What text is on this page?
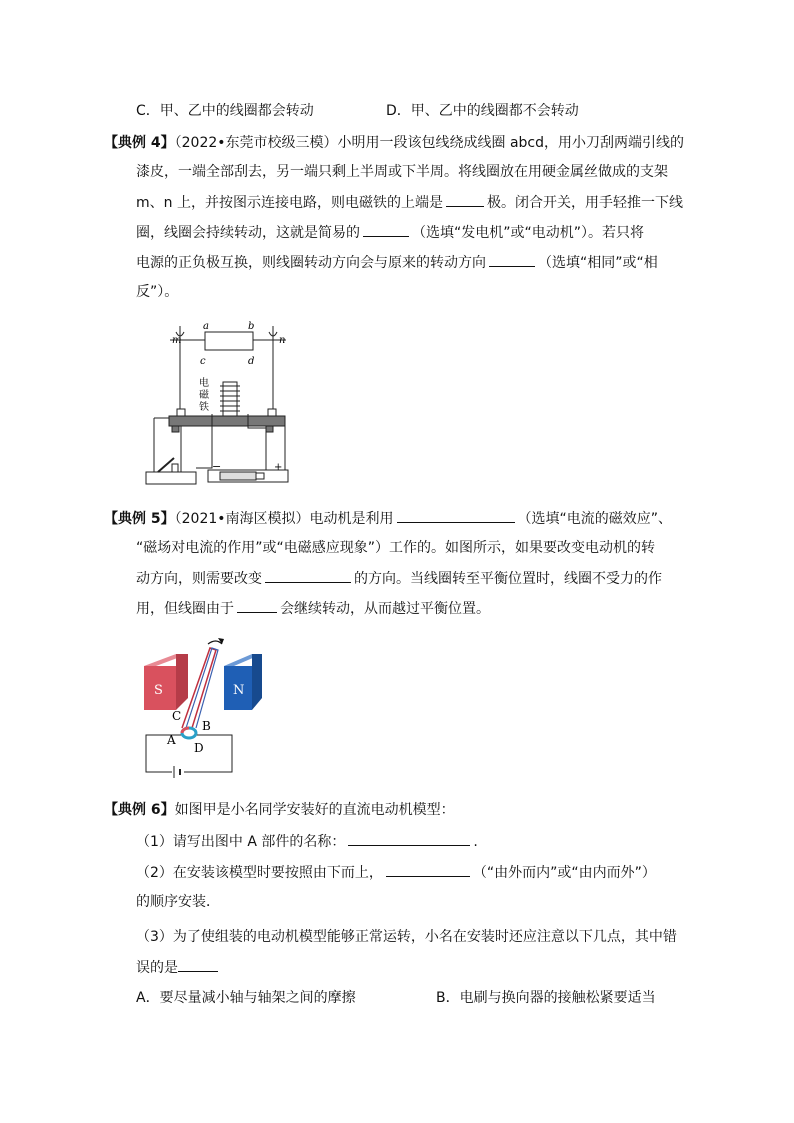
C．甲、乙中的线圈都会转动	D．甲、乙中的线圈都不会转动
【典例 4】（2022•东莞市校级三模）小明用一段该包线绕成线圈 abcd，用小刀刮两端引线的
漆皮，一端全部刮去，另一端只剩上半周或下半周。将线圈放在用硬金属丝做成的支架
m、n 上，并按图示连接电路，则电磁铁的上端是	极。闭合开关，用手轻推一下线
圈，线圈会持续转动，这就是简易的	（选填“发电机”或“电动机”）。若只将
电源的正负极互换，则线圈转动方向会与原来的转动方向	（选填“相同”或“相
反”）。
m	n
a	b
c	d
电
磁
铁
−	+
【典例 5】（2021•南海区模拟）电动机是利用	（选填“电流的磁效应”、
“磁场对电流的作用”或“电磁感应现象”）工作的。如图所示，如果要改变电动机的转
动方向，则需要改变	的方向。当线圈转至平衡位置时，线圈不受力的作
用，但线圈由于	会继续转动，从而越过平衡位置。
S	N
C
B
A
D
【典例 6】如图甲是小名同学安装好的直流电动机模型：
（1）请写出图中 A 部件的名称：	.
（2）在安装该模型时要按照由下而上，	（“由外而内”或“由内而外”）
的顺序安装．
（3）为了使组装的电动机模型能够正常运转，小名在安装时还应注意以下几点，其中错
误的是
A．要尽量减小轴与轴架之间的摩擦	B．电刷与换向器的接触松紧要适当
